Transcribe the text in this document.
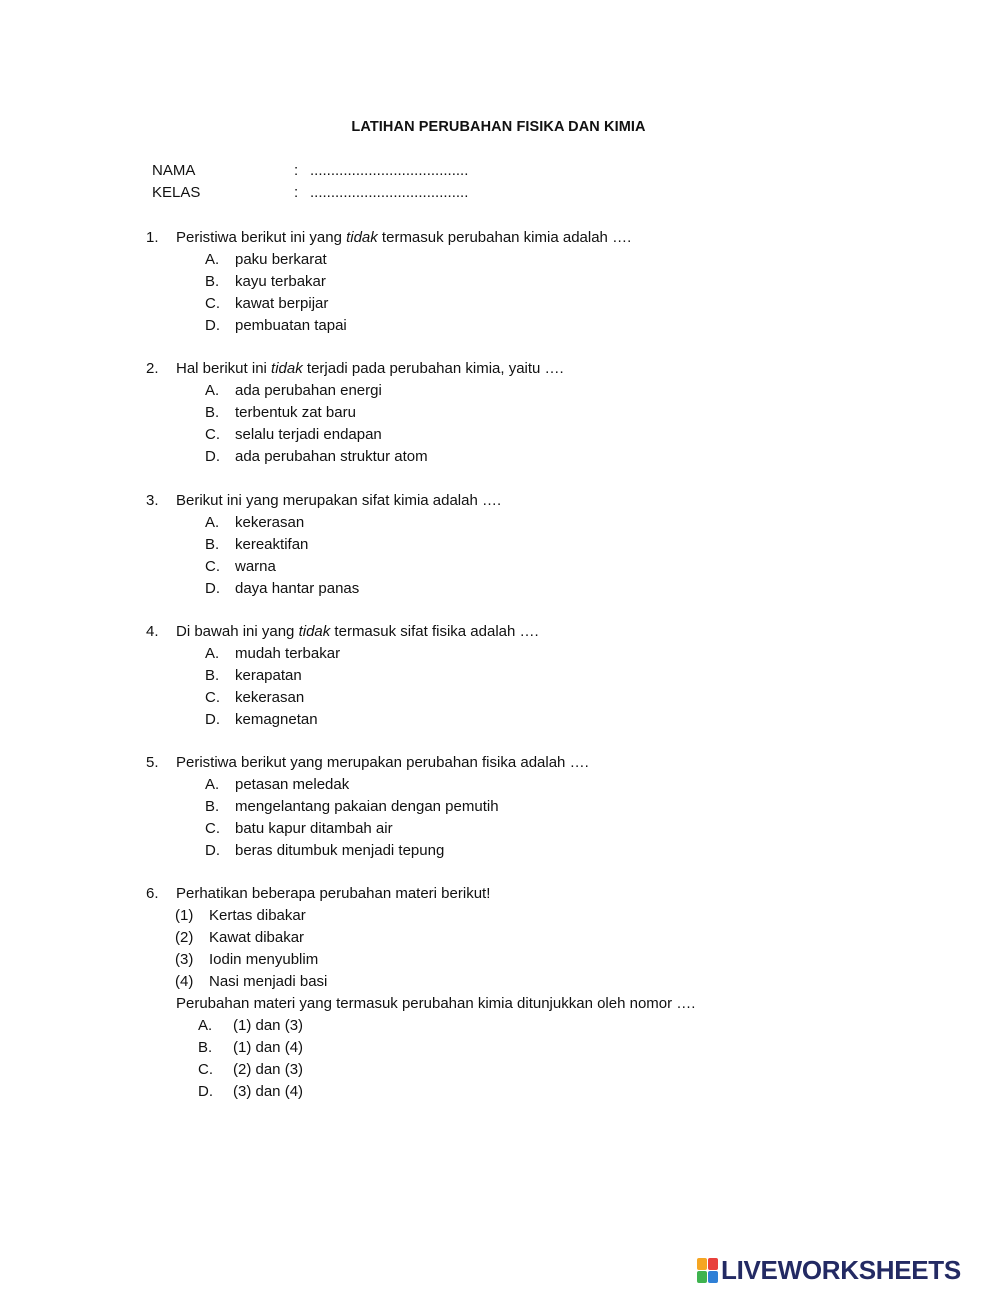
LATIHAN PERUBAHAN FISIKA DAN KIMIA
NAMA	: ......................................
KELAS	: ......................................
1. Peristiwa berikut ini yang tidak termasuk perubahan kimia adalah ….
A. paku berkarat
B. kayu terbakar
C. kawat berpijar
D. pembuatan tapai
2. Hal berikut ini tidak terjadi pada perubahan kimia, yaitu ….
A. ada perubahan energi
B. terbentuk zat baru
C. selalu terjadi endapan
D. ada perubahan struktur atom
3. Berikut ini yang merupakan sifat kimia adalah ….
A. kekerasan
B. kereaktifan
C. warna
D. daya hantar panas
4. Di bawah ini yang tidak termasuk sifat fisika adalah ….
A. mudah terbakar
B. kerapatan
C. kekerasan
D. kemagnetan
5. Peristiwa berikut yang merupakan perubahan fisika adalah ….
A. petasan meledak
B. mengelantang pakaian dengan pemutih
C. batu kapur ditambah air
D. beras ditumbuk menjadi tepung
6. Perhatikan beberapa perubahan materi berikut!
(1) Kertas dibakar
(2) Kawat dibakar
(3) Iodin menyublim
(4) Nasi menjadi basi
Perubahan materi yang termasuk perubahan kimia ditunjukkan oleh nomor ….
A. (1) dan (3)
B. (1) dan (4)
C. (2) dan (3)
D. (3) dan (4)
LIVEWORKSHEETS
